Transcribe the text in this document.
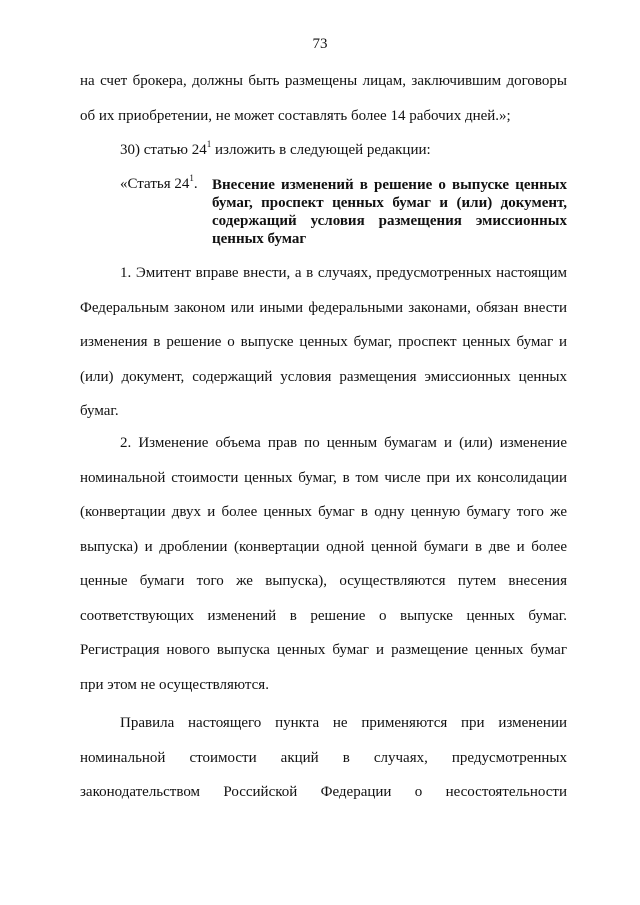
73
на счет брокера, должны быть размещены лицам, заключившим договоры
об их приобретении, не может составлять более 14 рабочих дней.»;
30) статью $24^1$ изложить в следующей редакции:
«Статья $24^1$. Внесение изменений в решение о выпуске ценных бумаг, проспект ценных бумаг и (или) документ, содержащий условия размещения эмиссионных ценных бумаг
1. Эмитент вправе внести, а в случаях, предусмотренных настоящим
Федеральным законом или иными федеральными законами, обязан внести
изменения в решение о выпуске ценных бумаг, проспект ценных бумаг и
(или) документ, содержащий условия размещения эмиссионных ценных
бумаг.
2. Изменение объема прав по ценным бумагам и (или) изменение
номинальной стоимости ценных бумаг, в том числе при их консолидации
(конвертации двух и более ценных бумаг в одну ценную бумагу того же
выпуска) и дроблении (конвертации одной ценной бумаги в две и более
ценные бумаги того же выпуска), осуществляются путем внесения
соответствующих изменений в решение о выпуске ценных бумаг.
Регистрация нового выпуска ценных бумаг и размещение ценных бумаг
при этом не осуществляются.
Правила настоящего пункта не применяются при изменении
номинальной стоимости акций в случаях, предусмотренных
законодательством Российской Федерации о несостоятельности
